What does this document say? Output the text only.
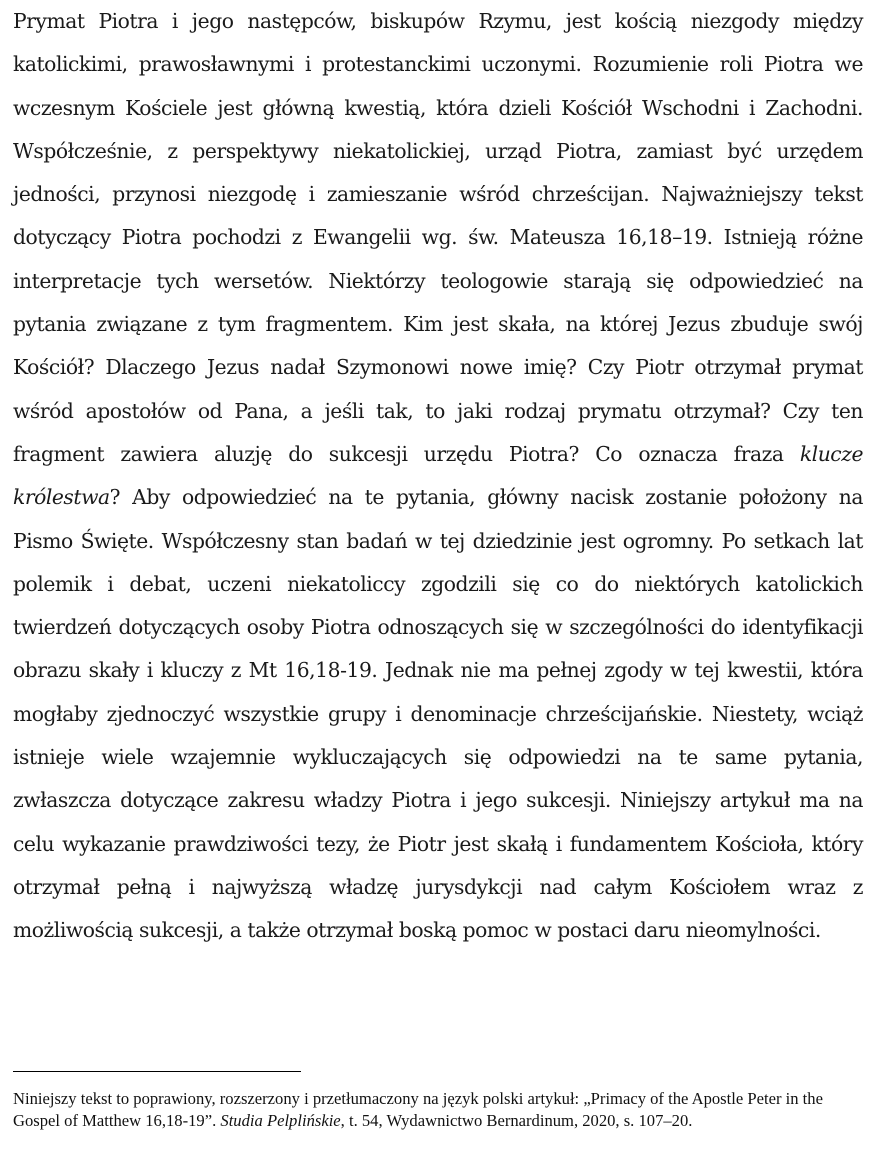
Prymat Piotra i jego następców, biskupów Rzymu, jest kością niezgody między katolickimi, prawosławnymi i protestanckimi uczonymi. Rozumienie roli Piotra we wczesnym Kościele jest główną kwestią, która dzieli Kościół Wschodni i Zachodni. Współcześnie, z perspektywy niekatolickiej, urząd Piotra, zamiast być urzędem jedności, przynosi niezgodę i zamieszanie wśród chrześcijan. Najważniejszy tekst dotyczący Piotra pochodzi z Ewangelii wg. św. Mateusza 16,18–19. Istnieją różne interpretacje tych wersetów. Niektórzy teologowie starają się odpowiedzieć na pytania związane z tym fragmentem. Kim jest skała, na której Jezus zbuduje swój Kościół? Dlaczego Jezus nadał Szymonowi nowe imię? Czy Piotr otrzymał prymat wśród apostołów od Pana, a jeśli tak, to jaki rodzaj prymatu otrzymał? Czy ten fragment zawiera aluzję do sukcesji urzędu Piotra? Co oznacza fraza klucze królestwa? Aby odpowiedzieć na te pytania, główny nacisk zostanie położony na Pismo Święte. Współczesny stan badań w tej dziedzinie jest ogromny. Po setkach lat polemik i debat, uczeni niekatoliccy zgodzili się co do niektórych katolickich twierdzeń dotyczących osoby Piotra odnoszących się w szczególności do identyfikacji obrazu skały i kluczy z Mt 16,18-19. Jednak nie ma pełnej zgody w tej kwestii, która mogłaby zjednoczyć wszystkie grupy i denominacje chrześcijańskie. Niestety, wciąż istnieje wiele wzajemnie wykluczających się odpowiedzi na te same pytania, zwłaszcza dotyczące zakresu władzy Piotra i jego sukcesji. Niniejszy artykuł ma na celu wykazanie prawdziwości tezy, że Piotr jest skałą i fundamentem Kościoła, który otrzymał pełną i najwyższą władzę jurysdykcji nad całym Kościołem wraz z możliwością sukcesji, a także otrzymał boską pomoc w postaci daru nieomylności.

Niniejszy tekst to poprawiony, rozszerzony i przetłumaczony na język polski artykuł: „Primacy of the Apostle Peter in the Gospel of Matthew 16,18-19”. Studia Pelplińskie, t. 54, Wydawnictwo Bernardinum, 2020, s. 107–20.
